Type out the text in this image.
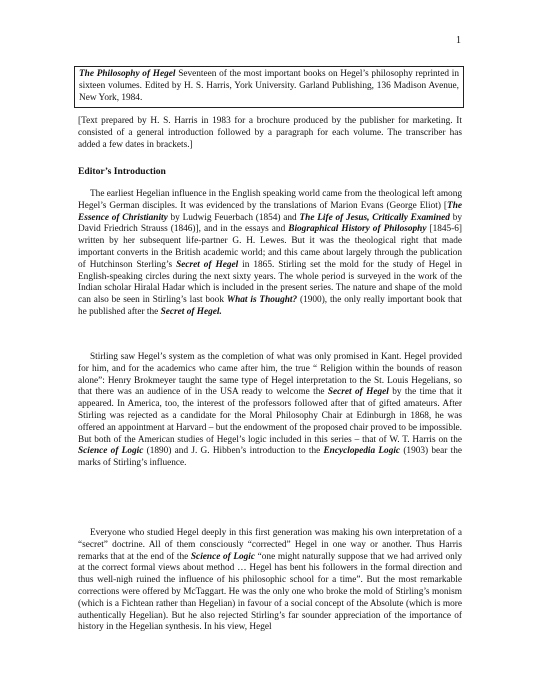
1
The Philosophy of Hegel Seventeen of the most important books on Hegel’s philosophy reprinted in sixteen volumes. Edited by H. S. Harris, York University. Garland Publishing, 136 Madison Avenue, New York, 1984.
[Text prepared by H. S. Harris in 1983 for a brochure produced by the publisher for marketing. It consisted of a general introduction followed by a paragraph for each volume. The transcriber has added a few dates in brackets.]
Editor’s Introduction
The earliest Hegelian influence in the English speaking world came from the theological left among Hegel’s German disciples. It was evidenced by the translations of Marion Evans (George Eliot) [The Essence of Christianity by Ludwig Feuerbach (1854) and The Life of Jesus, Critically Examined by David Friedrich Strauss (1846)], and in the essays and Biographical History of Philosophy [1845-6] written by her subsequent life-partner G. H. Lewes. But it was the theological right that made important converts in the British academic world; and this came about largely through the publication of Hutchinson Sterling’s Secret of Hegel in 1865. Stirling set the mold for the study of Hegel in English-speaking circles during the next sixty years. The whole period is surveyed in the work of the Indian scholar Hiralal Hadar which is included in the present series. The nature and shape of the mold can also be seen in Stirling’s last book What is Thought? (1900), the only really important book that he published after the Secret of Hegel.
Stirling saw Hegel’s system as the completion of what was only promised in Kant. Hegel provided for him, and for the academics who came after him, the true “ Religion within the bounds of reason alone”: Henry Brokmeyer taught the same type of Hegel interpretation to the St. Louis Hegelians, so that there was an audience of in the USA ready to welcome the Secret of Hegel by the time that it appeared. In America, too, the interest of the professors followed after that of gifted amateurs. After Stirling was rejected as a candidate for the Moral Philosophy Chair at Edinburgh in 1868, he was offered an appointment at Harvard – but the endowment of the proposed chair proved to be impossible. But both of the American studies of Hegel’s logic included in this series – that of W. T. Harris on the Science of Logic (1890) and J. G. Hibben’s introduction to the Encyclopedia Logic (1903) bear the marks of Stirling’s influence.
Everyone who studied Hegel deeply in this first generation was making his own interpretation of a “secret” doctrine. All of them consciously “corrected” Hegel in one way or another. Thus Harris remarks that at the end of the Science of Logic “one might naturally suppose that we had arrived only at the correct formal views about method … Hegel has bent his followers in the formal direction and thus well-nigh ruined the influence of his philosophic school for a time”. But the most remarkable corrections were offered by McTaggart. He was the only one who broke the mold of Stirling’s monism (which is a Fichtean rather than Hegelian) in favour of a social concept of the Absolute (which is more authentically Hegelian). But he also rejected Stirling’s far sounder appreciation of the importance of history in the Hegelian synthesis. In his view, Hegel
